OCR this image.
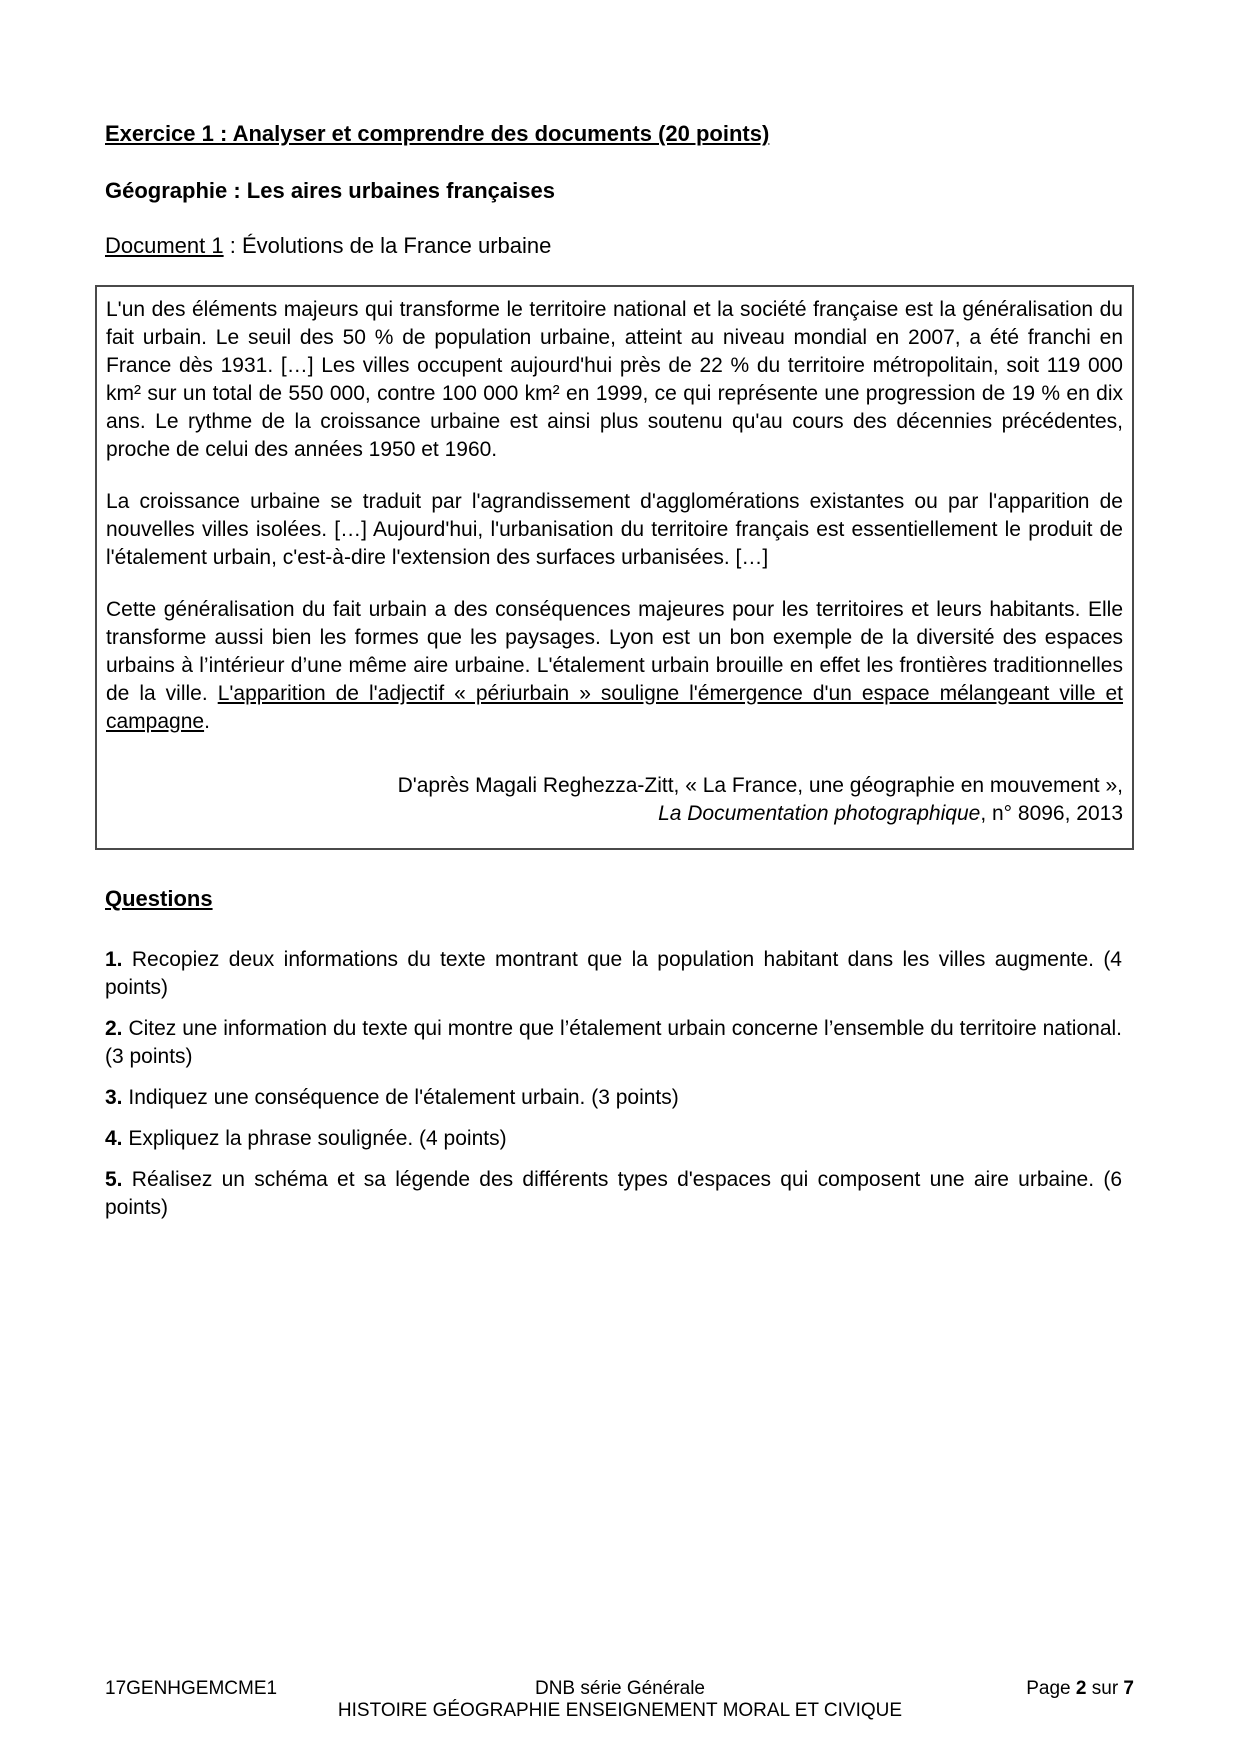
Exercice 1 : Analyser et comprendre des documents (20 points)
Géographie : Les aires urbaines françaises

Document 1 : Évolutions de la France urbaine

L'un des éléments majeurs qui transforme le territoire national et la société française est la généralisation du fait urbain. Le seuil des 50 % de population urbaine, atteint au niveau mondial en 2007, a été franchi en France dès 1931. […] Les villes occupent aujourd'hui près de 22 % du territoire métropolitain, soit 119 000 km² sur un total de 550 000, contre 100 000 km² en 1999, ce qui représente une progression de 19 % en dix ans. Le rythme de la croissance urbaine est ainsi plus soutenu qu'au cours des décennies précédentes, proche de celui des années 1950 et 1960.

La croissance urbaine se traduit par l'agrandissement d'agglomérations existantes ou par l'apparition de nouvelles villes isolées. […] Aujourd'hui, l'urbanisation du territoire français est essentiellement le produit de l'étalement urbain, c'est-à-dire l'extension des surfaces urbanisées. […]

Cette généralisation du fait urbain a des conséquences majeures pour les territoires et leurs habitants. Elle transforme aussi bien les formes que les paysages. Lyon est un bon exemple de la diversité des espaces urbains à l’intérieur d’une même aire urbaine. L'étalement urbain brouille en effet les frontières traditionnelles de la ville. L'apparition de l'adjectif « périurbain » souligne l'émergence d'un espace mélangeant ville et campagne.

D'après Magali Reghezza-Zitt, « La France, une géographie en mouvement »,
La Documentation photographique, n° 8096, 2013

Questions

1. Recopiez deux informations du texte montrant que la population habitant dans les villes augmente. (4 points)

2. Citez une information du texte qui montre que l’étalement urbain concerne l’ensemble du territoire national. (3 points)

3. Indiquez une conséquence de l'étalement urbain. (3 points)

4. Expliquez la phrase soulignée. (4 points)

5. Réalisez un schéma et sa légende des différents types d'espaces qui composent une aire urbaine. (6 points)

17GENHGEMCME1	DNB série Générale	Page 2 sur 7
HISTOIRE GÉOGRAPHIE ENSEIGNEMENT MORAL ET CIVIQUE
